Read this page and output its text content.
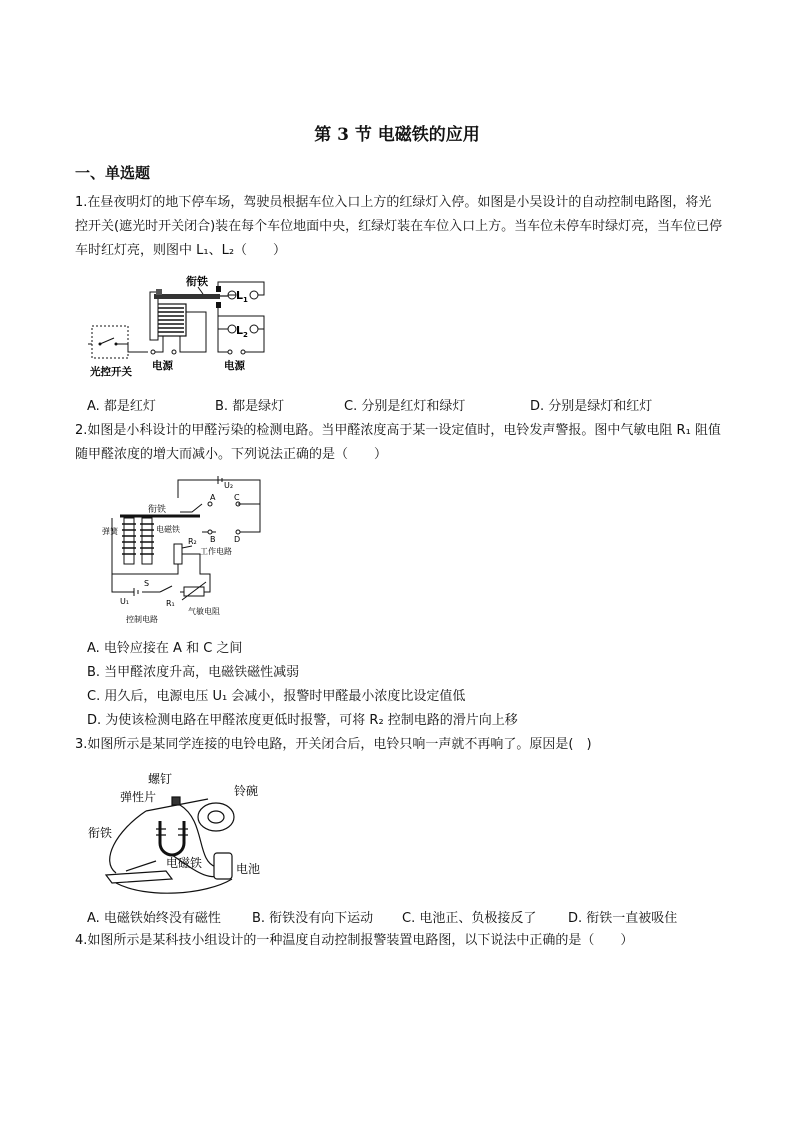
第 3 节 电磁铁的应用
一、单选题
1.在昼夜明灯的地下停车场，驾驶员根据车位入口上方的红绿灯入停。如图是小吴设计的自动控制电路图，将光控开关(遮光时开关闭合)装在每个车位地面中央，红绿灯装在车位入口上方。当车位未停车时绿灯亮，当车位已停车时红灯亮，则图中 L₁、L₂（　　）
衔铁
$L_1$
$L_2$
光控开关 电源	电源
A. 都是红灯	B. 都是绿灯	C. 分别是红灯和绿灯	D. 分别是绿灯和红灯
2.如图是小科设计的甲醛污染的检测电路。当甲醛浓度高于某一设定值时，电铃发声警报。图中气敏电阻 R₁ 阻值随甲醛浓度的增大而减小。下列说法正确的是（　　）
弹簧
衔铁
电磁铁
A C
B D
U₂
R₂
工作电路
S
U₁	R₁
气敏电阻
控制电路
A. 电铃应接在 A 和 C 之间
B. 当甲醛浓度升高，电磁铁磁性减弱
C. 用久后，电源电压 U₁ 会减小，报警时甲醛最小浓度比设定值低
D. 为使该检测电路在甲醛浓度更低时报警，可将 R₂ 控制电路的滑片向上移
3.如图所示是某同学连接的电铃电路，开关闭合后，电铃只响一声就不再响了。原因是(　)
螺钉
弹性片	铃碗
衔铁
电磁铁	电池
A. 电磁铁始终没有磁性 B. 衔铁没有向下运动 C. 电池正、负极接反了 D. 衔铁一直被吸住
4.如图所示是某科技小组设计的一种温度自动控制报警装置电路图，以下说法中正确的是（　　）
